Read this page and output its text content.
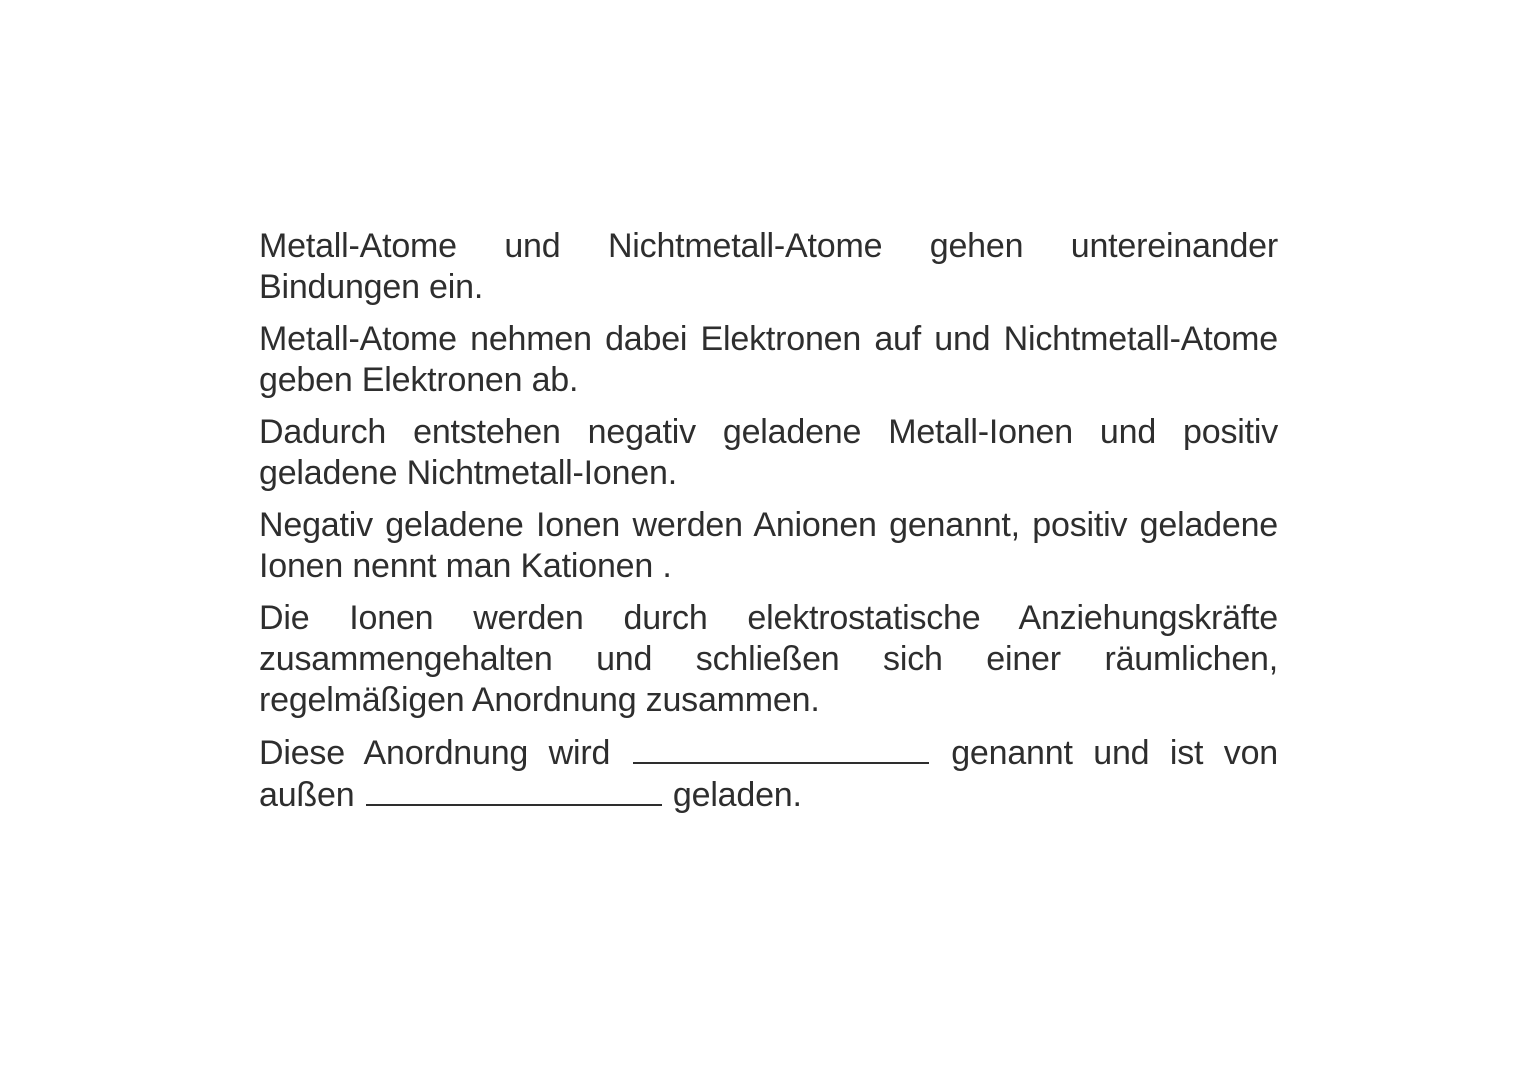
Metall-Atome und Nichtmetall-Atome gehen untereinander Bindungen ein.

Metall-Atome nehmen dabei Elektronen auf und Nichtmetall-Atome geben Elektronen ab.

Dadurch entstehen negativ geladene Metall-Ionen und positiv geladene Nichtmetall-Ionen.

Negativ geladene Ionen werden Anionen genannt, positiv geladene Ionen nennt man Kationen .

Die Ionen werden durch elektrostatische Anziehungskräfte zusammengehalten und schließen sich einer räumlichen, regelmäßigen Anordnung zusammen.

Diese Anordnung wird	genannt und ist von außen	geladen.
